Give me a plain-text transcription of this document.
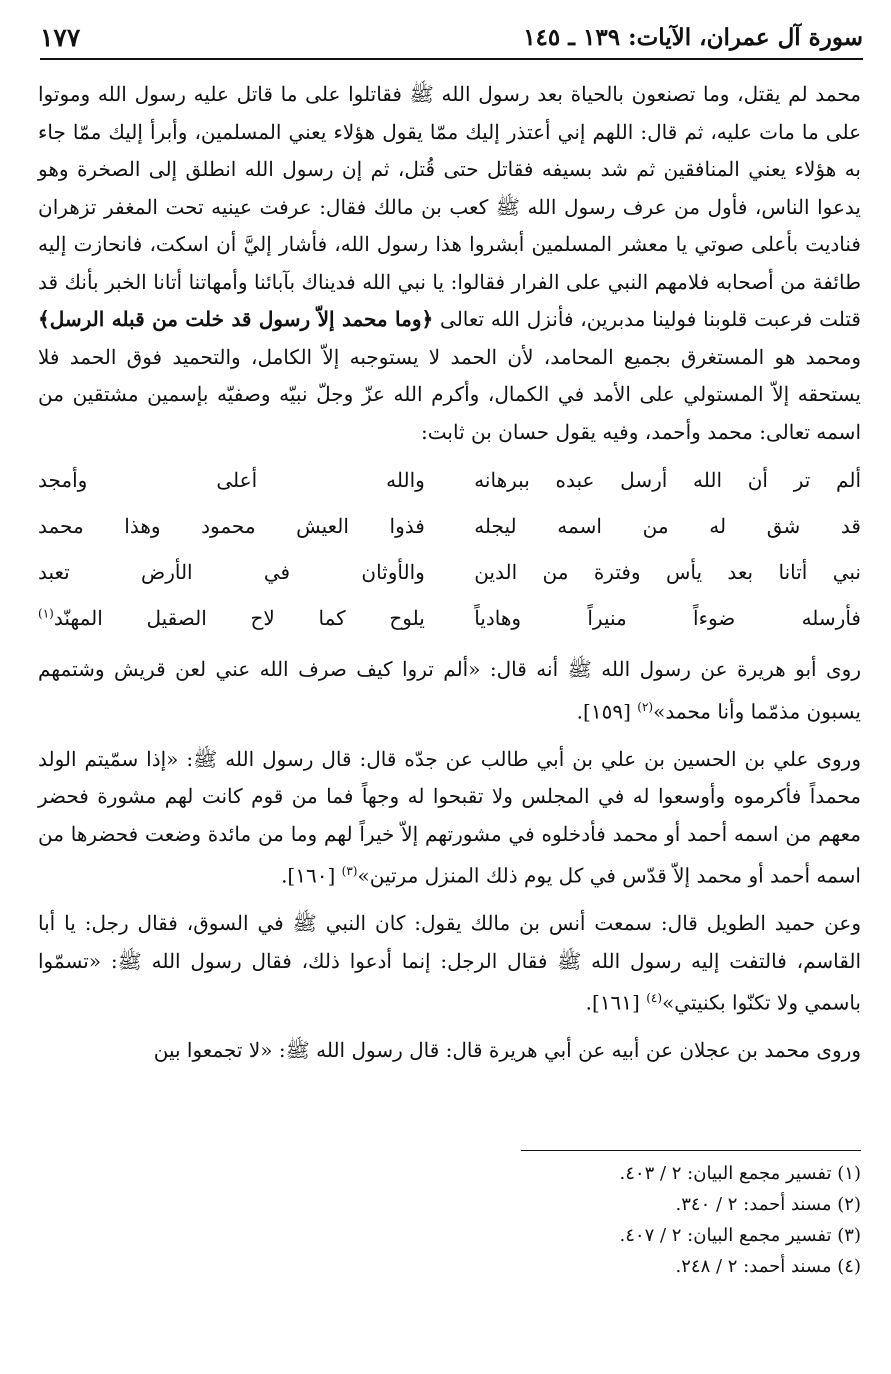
سورة آل عمران، الآيات: ١٣٩ ـ ١٤٥
١٧٧

محمد لم يقتل، وما تصنعون بالحياة بعد رسول الله ﷺ فقاتلوا على ما قاتل عليه رسول الله وموتوا على ما مات عليه، ثم قال: اللهم إني أعتذر إليك ممّا يقول هؤلاء يعني المسلمين، وأبرأ إليك ممّا جاء به هؤلاء يعني المنافقين ثم شد بسيفه فقاتل حتى قُتل، ثم إن رسول الله انطلق إلى الصخرة وهو يدعوا الناس، فأول من عرف رسول الله ﷺ كعب بن مالك فقال: عرفت عينيه تحت المغفر تزهران فناديت بأعلى صوتي يا معشر المسلمين أبشروا هذا رسول الله، فأشار إليَّ أن اسكت، فانحازت إليه طائفة من أصحابه فلامهم النبي على الفرار فقالوا: يا نبي الله فديناك بآبائنا وأمهاتنا أتانا الخبر بأنك قد قتلت فرعبت قلوبنا فولينا مدبرين، فأنزل الله تعالى ﴿وما محمد إلاّ رسول قد خلت من قبله الرسل﴾ ومحمد هو المستغرق بجميع المحامد، لأن الحمد لا يستوجبه إلاّ الكامل، والتحميد فوق الحمد فلا يستحقه إلاّ المستولي على الأمد في الكمال، وأكرم الله عزّ وجلّ نبيّه وصفيّه بإسمين مشتقين من اسمه تعالى: محمد وأحمد، وفيه يقول حسان بن ثابت:

ألم تر أن الله أرسل عبده ببرهانه
والله أعلى وأمجد
قد شق له من اسمه ليجله
فذوا العيش محمود وهذا محمد
نبي أتانا بعد يأس وفترة من الدين
والأوثان في الأرض تعبد
فأرسله ضوءاً منيراً وهادياً
يلوح كما لاح الصقيل المهنّد$^{(١)}$

روى أبو هريرة عن رسول الله ﷺ أنه قال: «ألم تروا كيف صرف الله عني لعن قريش وشتمهم يسبون مذمّما وأنا محمد»$^{(٢)}$ [١٥٩].

وروى علي بن الحسين بن علي بن أبي طالب عن جدّه قال: قال رسول الله ﷺ: «إذا سمّيتم الولد محمداً فأكرموه وأوسعوا له في المجلس ولا تقبحوا له وجهاً فما من قوم كانت لهم مشورة فحضر معهم من اسمه أحمد أو محمد فأدخلوه في مشورتهم إلاّ خيراً لهم وما من مائدة وضعت فحضرها من اسمه أحمد أو محمد إلاّ قدّس في كل يوم ذلك المنزل مرتين»$^{(٣)}$ [١٦٠].

وعن حميد الطويل قال: سمعت أنس بن مالك يقول: كان النبي ﷺ في السوق، فقال رجل: يا أبا القاسم، فالتفت إليه رسول الله ﷺ فقال الرجل: إنما أدعوا ذلك، فقال رسول الله ﷺ: «تسمّوا باسمي ولا تكنّوا بكنيتي»$^{(٤)}$ [١٦١].

وروى محمد بن عجلان عن أبيه عن أبي هريرة قال: قال رسول الله ﷺ: «لا تجمعوا بين

(١) تفسير مجمع البيان: ٢ / ٤٠٣.
(٢) مسند أحمد: ٢ / ٣٤٠.
(٣) تفسير مجمع البيان: ٢ / ٤٠٧.
(٤) مسند أحمد: ٢ / ٢٤٨.
